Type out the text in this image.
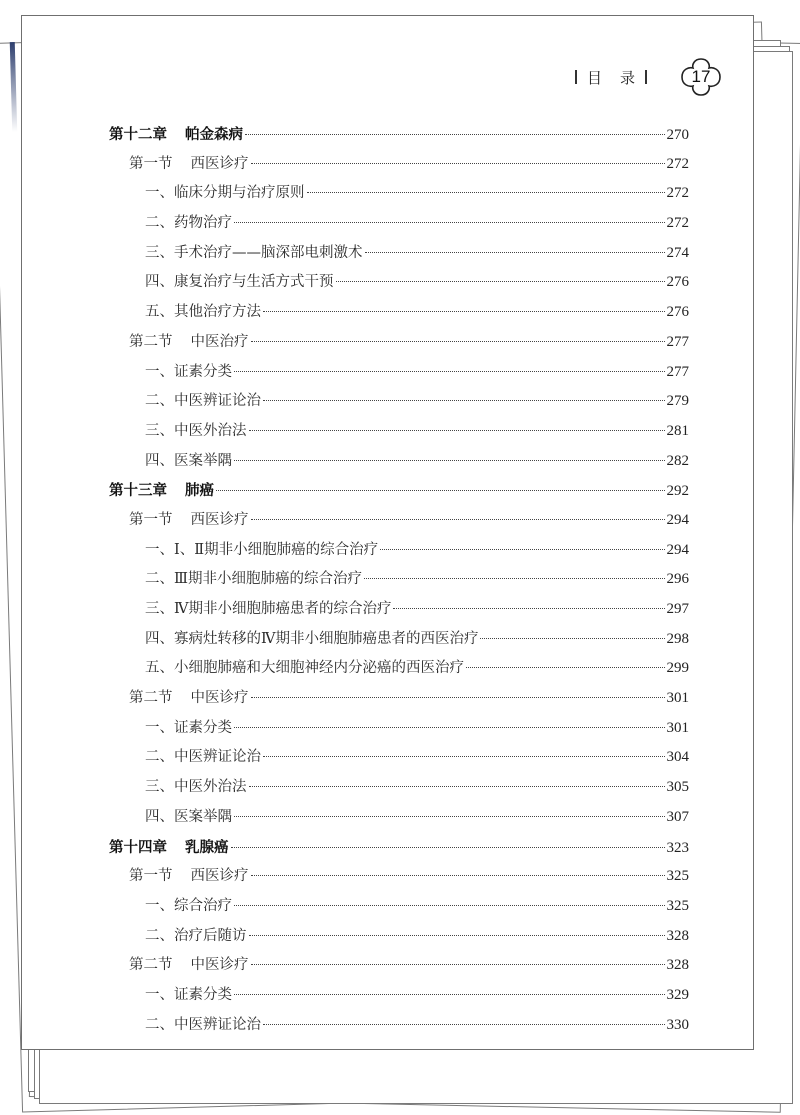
目 录	17
第十二章 帕金森病	270
第一节 西医诊疗	272
一、临床分期与治疗原则	272
二、药物治疗	272
三、手术治疗——脑深部电刺激术	274
四、康复治疗与生活方式干预	276
五、其他治疗方法	276
第二节 中医治疗	277
一、证素分类	277
二、中医辨证论治	279
三、中医外治法	281
四、医案举隅	282
第十三章 肺癌	292
第一节 西医诊疗	294
一、Ⅰ、Ⅱ期非小细胞肺癌的综合治疗	294
二、Ⅲ期非小细胞肺癌的综合治疗	296
三、Ⅳ期非小细胞肺癌患者的综合治疗	297
四、寡病灶转移的Ⅳ期非小细胞肺癌患者的西医治疗	298
五、小细胞肺癌和大细胞神经内分泌癌的西医治疗	299
第二节 中医诊疗	301
一、证素分类	301
二、中医辨证论治	304
三、中医外治法	305
四、医案举隅	307
第十四章 乳腺癌	323
第一节 西医诊疗	325
一、综合治疗	325
二、治疗后随访	328
第二节 中医诊疗	328
一、证素分类	329
二、中医辨证论治	330
